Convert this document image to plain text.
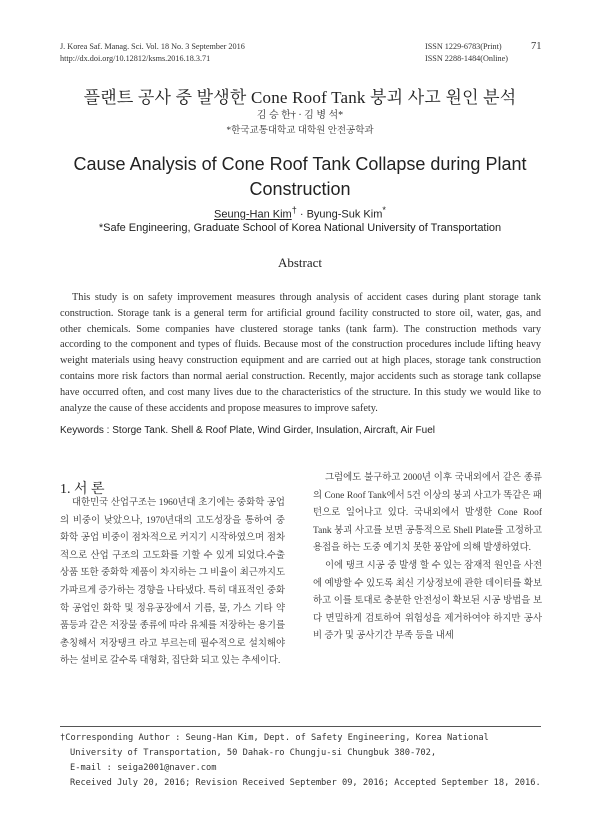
J. Korea Saf. Manag. Sci. Vol. 18 No. 3 September 2016
http://dx.doi.org/10.12812/ksms.2016.18.3.71
ISSN 1229-6783(Print)
ISSN 2288-1484(Online)
71
플랜트 공사 중 발생한 Cone Roof Tank 붕괴 사고 원인 분석
김 승 한† · 김 병 석*
*한국교통대학교 대학원 안전공학과
Cause Analysis of Cone Roof Tank Collapse during Plant
Construction
Seung-Han Kim† · Byung-Suk Kim*
*Safe Engineering, Graduate School of Korea National University of Transportation
Abstract

This study is on safety improvement measures through analysis of accident cases during plant storage tank construction. Storage tank is a general term for artificial ground facility constructed to store oil, water, gas, and other chemicals. Some companies have clustered storage tanks (tank farm). The construction methods vary according to the component and types of fluids. Because most of the construction procedures include lifting heavy weight materials using heavy construction equipment and are carried out at high places, storage tank construction contains more risk factors than normal aerial construction. Recently, major accidents such as storage tank collapse have occurred often, and cost many lives due to the characteristics of the structure. In this study we would like to analyze the cause of these accidents and propose measures to improve safety.

Keywords : Storge Tank. Shell & Roof Plate, Wind Girder, Insulation, Aircraft, Air Fuel
1. 서 론

대한민국 산업구조는 1960년대 초기에는 중화학 공업의 비중이 낮았으나, 1970년대의 고도성장을 통하여 중화학 공업 비중이 점차적으로 커지기 시작하였으며 점차적으로 산업 구조의 고도화를 기할 수 있게 되었다.수출상품 또한 중화학 제품이 차지하는 그 비율이 최근까지도 가파르게 증가하는 경향을 나타냈다. 특히 대표적인 중화학 공업인 화학 및 정유공장에서 기름, 물, 가스 기타 약품등과 같은 저장물 종류에 따라 유체를 저장하는 용기를 총칭해서 저장탱크 라고 부르는데 필수적으로 설치해야 하는 설비로 갈수록 대형화, 집단화 되고 있는 추세이다.

그럼에도 불구하고 2000년 이후 국내외에서 같은 종류의 Cone Roof Tank에서 5건 이상의 붕괴 사고가 똑같은 패턴으로 일어나고 있다. 국내외에서 발생한 Cone Roof Tank 붕괴 사고를 보면 공통적으로 Shell Plate를 고정하고 용접을 하는 도중 예기치 못한 풍압에 의해 발생하였다.

이에 탱크 시공 중 발생 할 수 있는 잠재적 원인을 사전에 예방할 수 있도록 최신 기상정보에 관한 데이터를 확보하고 이를 토대로 충분한 안전성이 확보된 시공 방법을 보다 면밀하게 검토하여 위험성을 제거하여야 하지만 공사비 증가 및 공사기간 부족 등을 내세

†Corresponding Author : Seung-Han Kim, Dept. of Safety Engineering, Korea National
University of Transportation, 50 Dahak-ro Chungju-si Chungbuk 380-702,
E-mail : seiga2001@naver.com
Received July 20, 2016; Revision Received September 09, 2016; Accepted September 18, 2016.
